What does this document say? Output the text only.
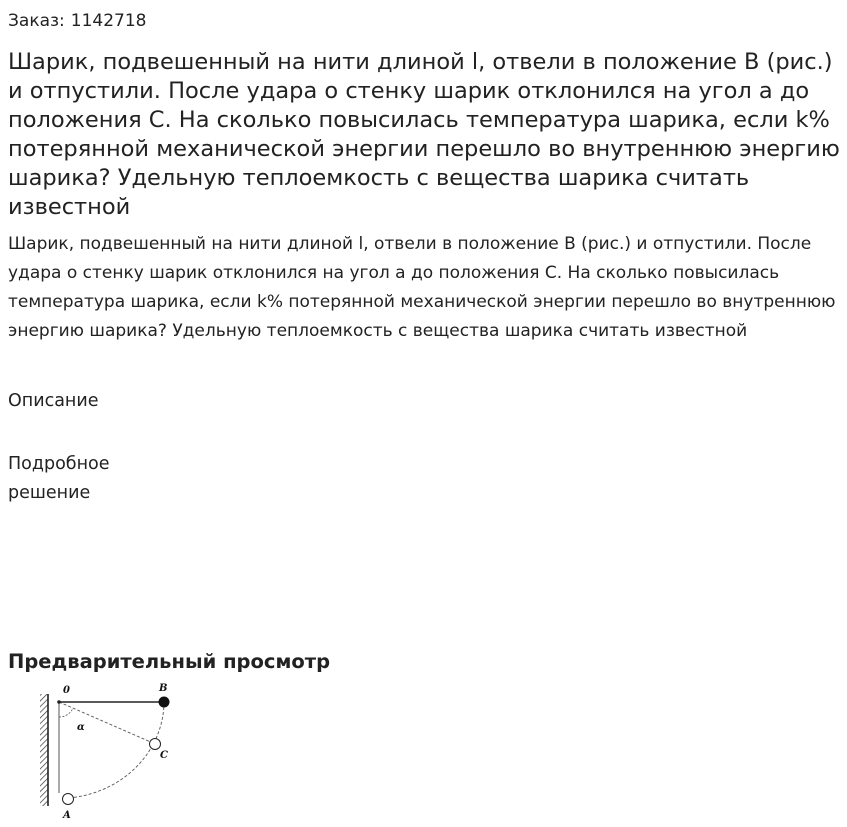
Заказ: 1142718
Шарик, подвешенный на нити длиной l, отвели в положение В (рис.) и отпустили. После удара о стенку шарик отклонился на угол а до положения С. На сколько повысилась температура шарика, если k% потерянной механической энергии перешло во внутреннюю энергию шарика? Удельную теплоемкость с вещества шарика считать известной

Шарик, подвешенный на нити длиной l, отвели в положение В (рис.) и отпустили. После удара о стенку шарик отклонился на угол а до положения С. На сколько повысилась температура шарика, если k% потерянной механической энергии перешло во внутреннюю энергию шарика? Удельную теплоемкость с вещества шарика считать известной

Описание
Подробное решение
Предварительный просмотр
0	B
C
A
α
